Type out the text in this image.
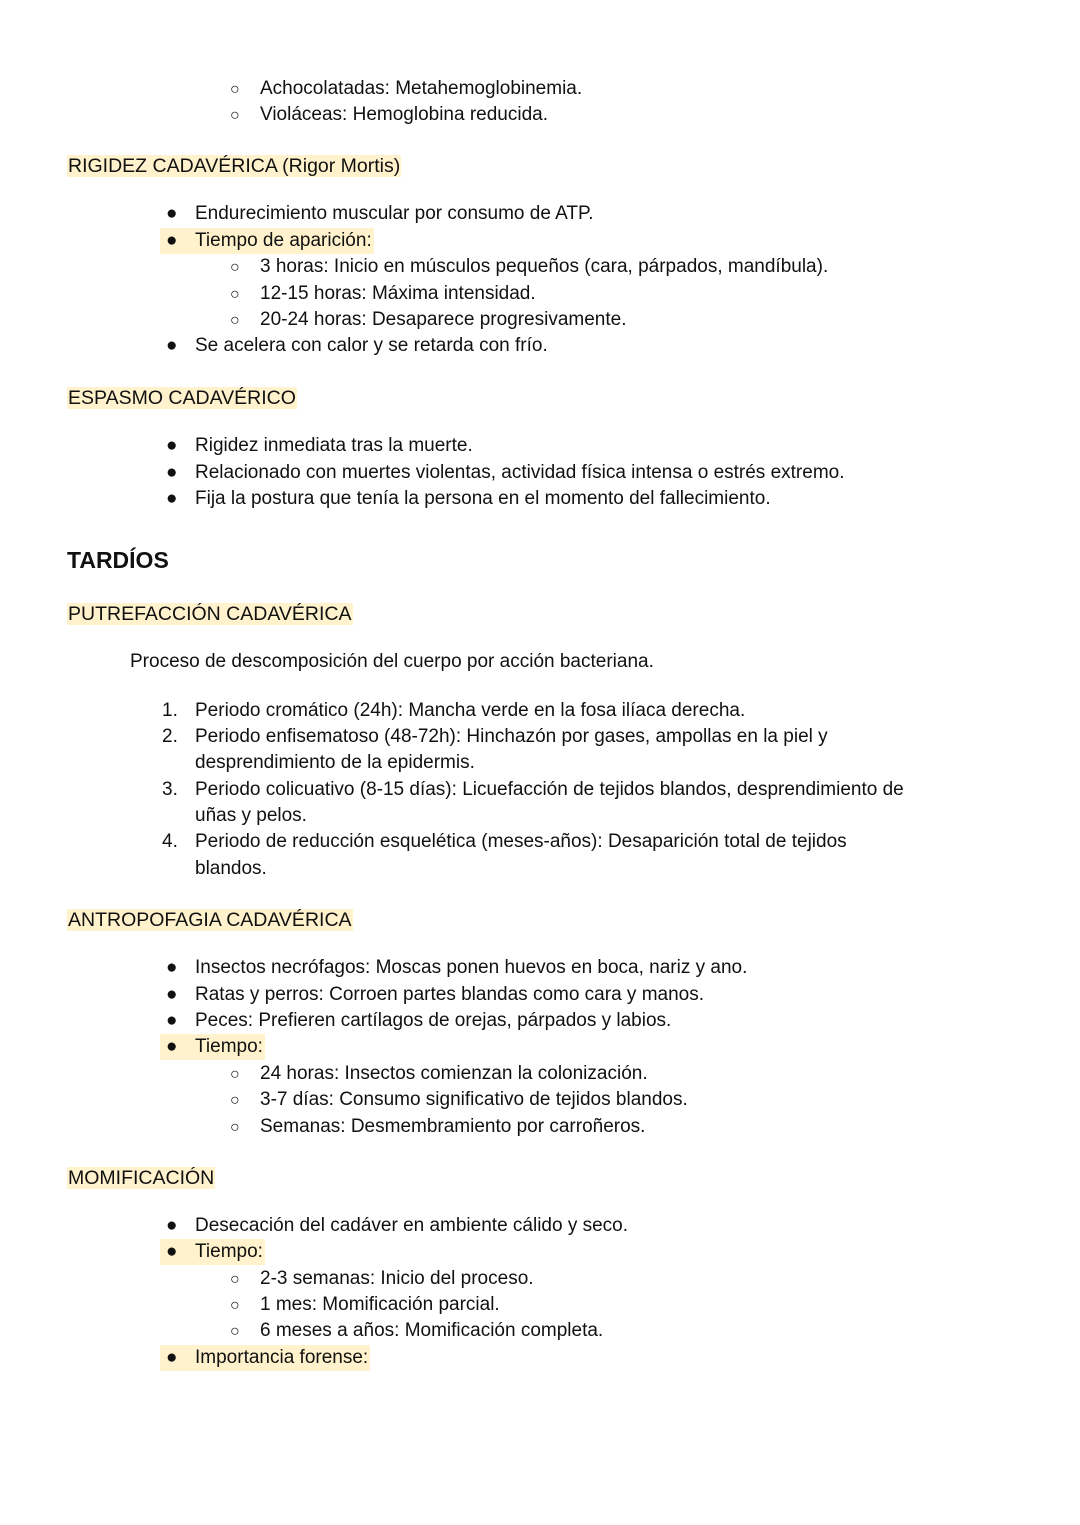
○ Achocolatadas: Metahemoglobinemia.
○ Violáceas: Hemoglobina reducida.
RIGIDEZ CADAVÉRICA (Rigor Mortis)
● Endurecimiento muscular por consumo de ATP.
● Tiempo de aparición:
○ 3 horas: Inicio en músculos pequeños (cara, párpados, mandíbula).
○ 12-15 horas: Máxima intensidad.
○ 20-24 horas: Desaparece progresivamente.
● Se acelera con calor y se retarda con frío.
ESPASMO CADAVÉRICO
● Rigidez inmediata tras la muerte.
● Relacionado con muertes violentas, actividad física intensa o estrés extremo.
● Fija la postura que tenía la persona en el momento del fallecimiento.
TARDÍOS
PUTREFACCIÓN CADAVÉRICA
Proceso de descomposición del cuerpo por acción bacteriana.
1. Periodo cromático (24h): Mancha verde en la fosa ilíaca derecha.
2. Periodo enfisematoso (48-72h): Hinchazón por gases, ampollas en la piel y
desprendimiento de la epidermis.
3. Periodo colicuativo (8-15 días): Licuefacción de tejidos blandos, desprendimiento de
uñas y pelos.
4. Periodo de reducción esquelética (meses-años): Desaparición total de tejidos
blandos.
ANTROPOFAGIA CADAVÉRICA
● Insectos necrófagos: Moscas ponen huevos en boca, nariz y ano.
● Ratas y perros: Corroen partes blandas como cara y manos.
● Peces: Prefieren cartílagos de orejas, párpados y labios.
● Tiempo:
○ 24 horas: Insectos comienzan la colonización.
○ 3-7 días: Consumo significativo de tejidos blandos.
○ Semanas: Desmembramiento por carroñeros.
MOMIFICACIÓN
● Desecación del cadáver en ambiente cálido y seco.
● Tiempo:
○ 2-3 semanas: Inicio del proceso.
○ 1 mes: Momificación parcial.
○ 6 meses a años: Momificación completa.
● Importancia forense:
